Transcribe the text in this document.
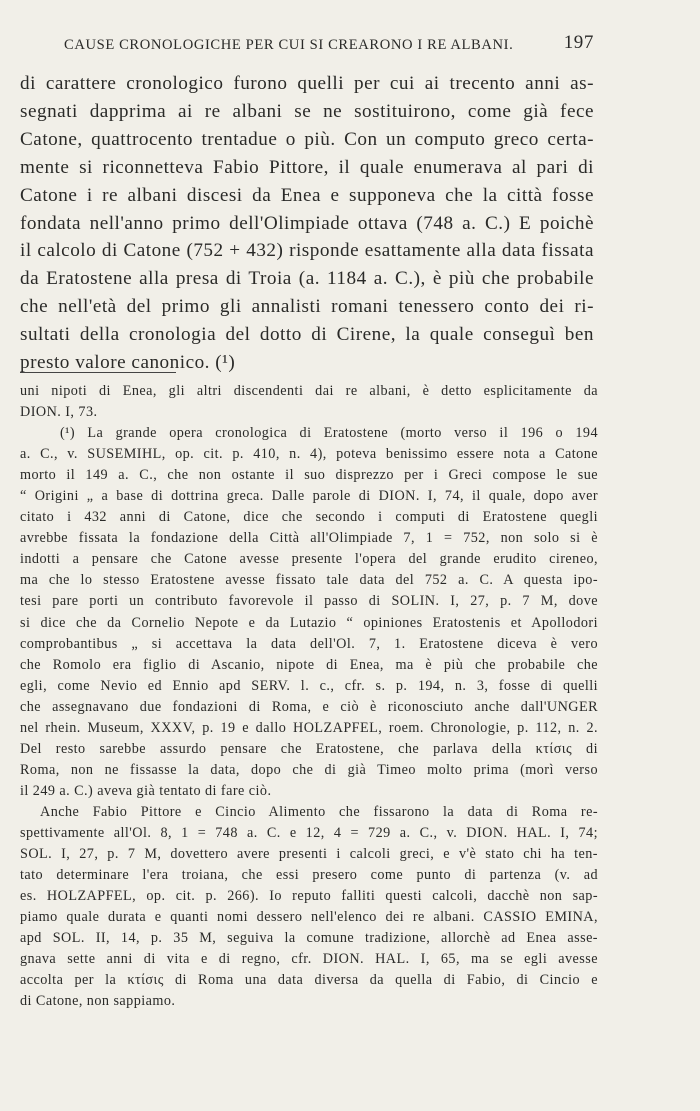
CAUSE CRONOLOGICHE PER CUI SI CREARONO I RE ALBANI.	197
di carattere cronologico furono quelli per cui ai trecento anni as-
segnati dapprima ai re albani se ne sostituirono, come già fece
Catone, quattrocento trentadue o più. Con un computo greco certa-
mente si riconnetteva Fabio Pittore, il quale enumerava al pari di
Catone i re albani discesi da Enea e supponeva che la città fosse
fondata nell'anno primo dell'Olimpiade ottava (748 a. C.) E poichè
il calcolo di Catone (752 + 432) risponde esattamente alla data fissata
da Eratostene alla presa di Troia (a. 1184 a. C.), è più che probabile
che nell'età del primo gli annalisti romani tenessero conto dei ri-
sultati della cronologia del dotto di Cirene, la quale conseguì ben
presto valore canonico. (¹)
uni nipoti di Enea, gli altri discendenti dai re albani, è detto esplicitamente da
DION. I, 73.
(¹) La grande opera cronologica di Eratostene (morto verso il 196 o 194
a. C., v. SUSEMIHL, op. cit. p. 410, n. 4), poteva benissimo essere nota a Catone
morto il 149 a. C., che non ostante il suo disprezzo per i Greci compose le sue
“ Origini „ a base di dottrina greca. Dalle parole di DION. I, 74, il quale, dopo aver
citato i 432 anni di Catone, dice che secondo i computi di Eratostene quegli
avrebbe fissata la fondazione della Città all'Olimpiade 7, 1 = 752, non solo si è
indotti a pensare che Catone avesse presente l'opera del grande erudito cireneo,
ma che lo stesso Eratostene avesse fissato tale data del 752 a. C. A questa ipo-
tesi pare porti un contributo favorevole il passo di SOLIN. I, 27, p. 7 M, dove
si dice che da Cornelio Nepote e da Lutazio “ opiniones Eratostenis et Apollodori
comprobantibus „ si accettava la data dell'Ol. 7, 1. Eratostene diceva è vero
che Romolo era figlio di Ascanio, nipote di Enea, ma è più che probabile che
egli, come Nevio ed Ennio apd SERV. l. c., cfr. s. p. 194, n. 3, fosse di quelli
che assegnavano due fondazioni di Roma, e ciò è riconosciuto anche dall'UNGER
nel rhein. Museum, XXXV, p. 19 e dallo HOLZAPFEL, roem. Chronologie, p. 112, n. 2.
Del resto sarebbe assurdo pensare che Eratostene, che parlava della κτίσις di
Roma, non ne fissasse la data, dopo che di già Timeo molto prima (morì verso
il 249 a. C.) aveva già tentato di fare ciò.
Anche Fabio Pittore e Cincio Alimento che fissarono la data di Roma re-
spettivamente all'Ol. 8, 1 = 748 a. C. e 12, 4 = 729 a. C., v. DION. HAL. I, 74;
SOL. I, 27, p. 7 M, dovettero avere presenti i calcoli greci, e v'è stato chi ha ten-
tato determinare l'era troiana, che essi presero come punto di partenza (v. ad
es. HOLZAPFEL, op. cit. p. 266). Io reputo falliti questi calcoli, dacchè non sap-
piamo quale durata e quanti nomi dessero nell'elenco dei re albani. CASSIO EMINA,
apd SOL. II, 14, p. 35 M, seguiva la comune tradizione, allorchè ad Enea asse-
gnava sette anni di vita e di regno, cfr. DION. HAL. I, 65, ma se egli avesse
accolta per la κτίσις di Roma una data diversa da quella di Fabio, di Cincio e
di Catone, non sappiamo.
